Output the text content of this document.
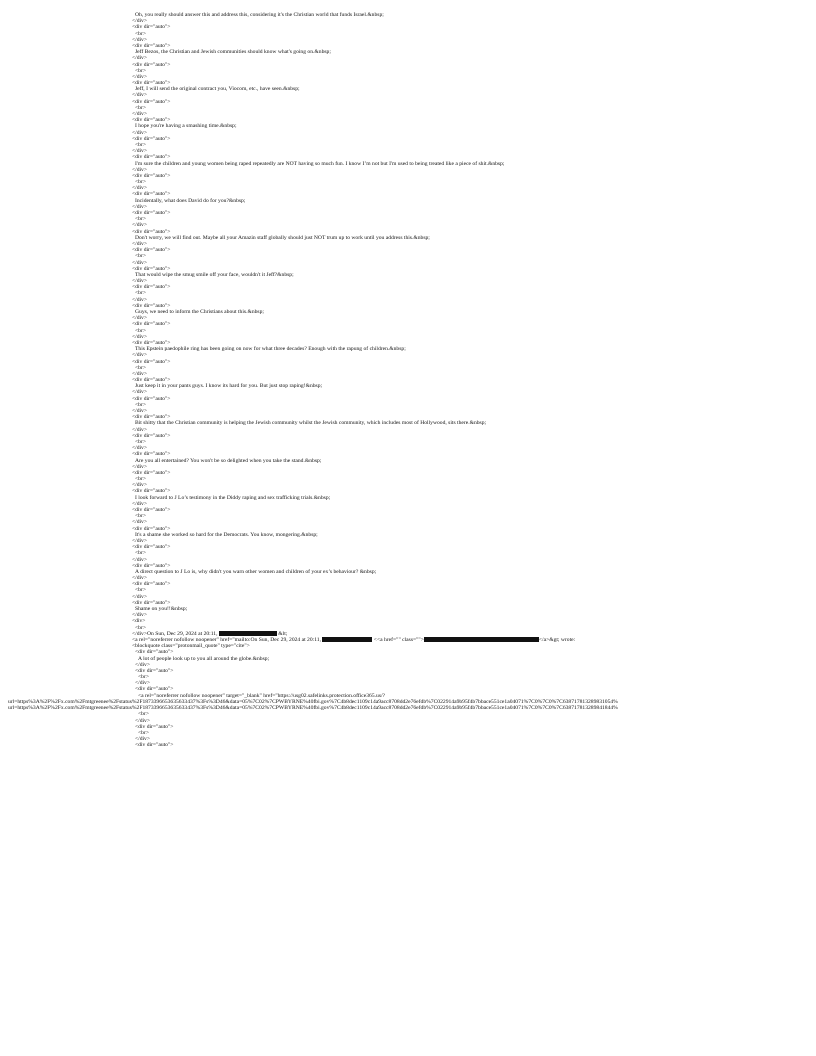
Oh, you really should answer this and address this, considering it's the Christian world that funds Israel.&nbsp;
</div>
<div dir="auto">
<br>
</div>
<div dir="auto">
Jeff Bezos, the Christian and Jewish communities should know what's going on.&nbsp;
</div>
<div dir="auto">
<br>
</div>
<div dir="auto">
Jeff, I will send the original contract you, Viocom, etc., have seen.&nbsp;
</div>
<div dir="auto">
<br>
</div>
<div dir="auto">
I hope you're having a smashing time.&nbsp;
</div>
<div dir="auto">
<br>
</div>
<div dir="auto">
I'm sure the children and young women being raped repeatedly are NOT having so much fun. I know I’m not but I'm used to being treated like a piece of shit.&nbsp;
</div>
<div dir="auto">
<br>
</div>
<div dir="auto">
Incidentally, what does David do for you?&nbsp;
</div>
<div dir="auto">
<br>
</div>
<div dir="auto">
Don't worry, we will find out. Maybe all your Amazin staff globally should just NOT trum up to work until you address this.&nbsp;
</div>
<div dir="auto">
<br>
</div>
<div dir="auto">
That would wipe the smug smile off your face, wouldn't it Jeff?&nbsp;
</div>
<div dir="auto">
<br>
</div>
<div dir="auto">
Guys, we need to inform the Christians about this.&nbsp;
</div>
<div dir="auto">
<br>
</div>
<div dir="auto">
This Epstein paedophile ring has been going on now for what three decades? Enough with the rapung of children.&nbsp;
</div>
<div dir="auto">
<br>
</div>
<div dir="auto">
Just keep it in your pants guys. I know its hard for you. But just stop raping!&nbsp;
</div>
<div dir="auto">
<br>
</div>
<div dir="auto">
Bit shitty that the Christian community is helping the Jewish community whilst the Jewish community, which includes most of Hollywood, sits there.&nbsp;
</div>
<div dir="auto">
<br>
</div>
<div dir="auto">
Are you all entertained? You won't be so delighted when you take the stand.&nbsp;
</div>
<div dir="auto">
<br>
</div>
<div dir="auto">
I look forward to J Lo’s testimony in the Diddy raping and sex trafficking trials.&nbsp;
</div>
<div dir="auto">
<br>
</div>
<div dir="auto">
It's a shame she worked so hard for the Democrats. You know, mongering.&nbsp;
</div>
<div dir="auto">
<br>
</div>
<div dir="auto">
A direct question to J Lo is, why didn't you warn other women and children of your ex’s behaviour? &nbsp;
</div>
<div dir="auto">
<br>
</div>
<div dir="auto">
Shame on you!!&nbsp;
</div>
<div>
<br>
</div>On Sun, Dec 29, 2024 at 20:11,	&lt;
<a rel="noreferrer nofollow noopener" href="mailto:On Sun, Dec 29, 2024 at 20:11,	<<a href="" class="">	</a>&gt; wrote:
<blockquote class="protonmail_quote" type="cite">
<div dir="auto">
A lot of people look up to you all around the globe.&nbsp;
</div>
<div dir="auto">
<br>
</div>
<div dir="auto">
<a rel="noreferrer nofollow noopener" target="_blank" href="https://usg02.safelinks.protection.office365.us/?
url=https%3A%2F%2Fx.com%2Fmtgreenee%2Fstatus%2F1873396653635633437%3Fs%3D46&data=05%7C02%7CPWBYRNE%40fbi.gov%7C4b8dec1109c14a9acc8708dd2e76efdb%7C022914a9b95f4b7bbace551ce1a04071%7C0%7C0%7C638717813289831054%
url=https%3A%2F%2Fx.com%2Fmtgreenee%2Fstatus%2F1873396653635633437%3Fs%3D46&data=05%7C02%7CPWBYRNE%40fbi.gov%7C4b8dec1109c14a9acc8708dd2e76efdb%7C022914a9b95f4b7bbace551ce1a04071%7C0%7C0%7C638717813289841844%
<br>
</div>
<div dir="auto">
<br>
</div>
<div dir="auto">
